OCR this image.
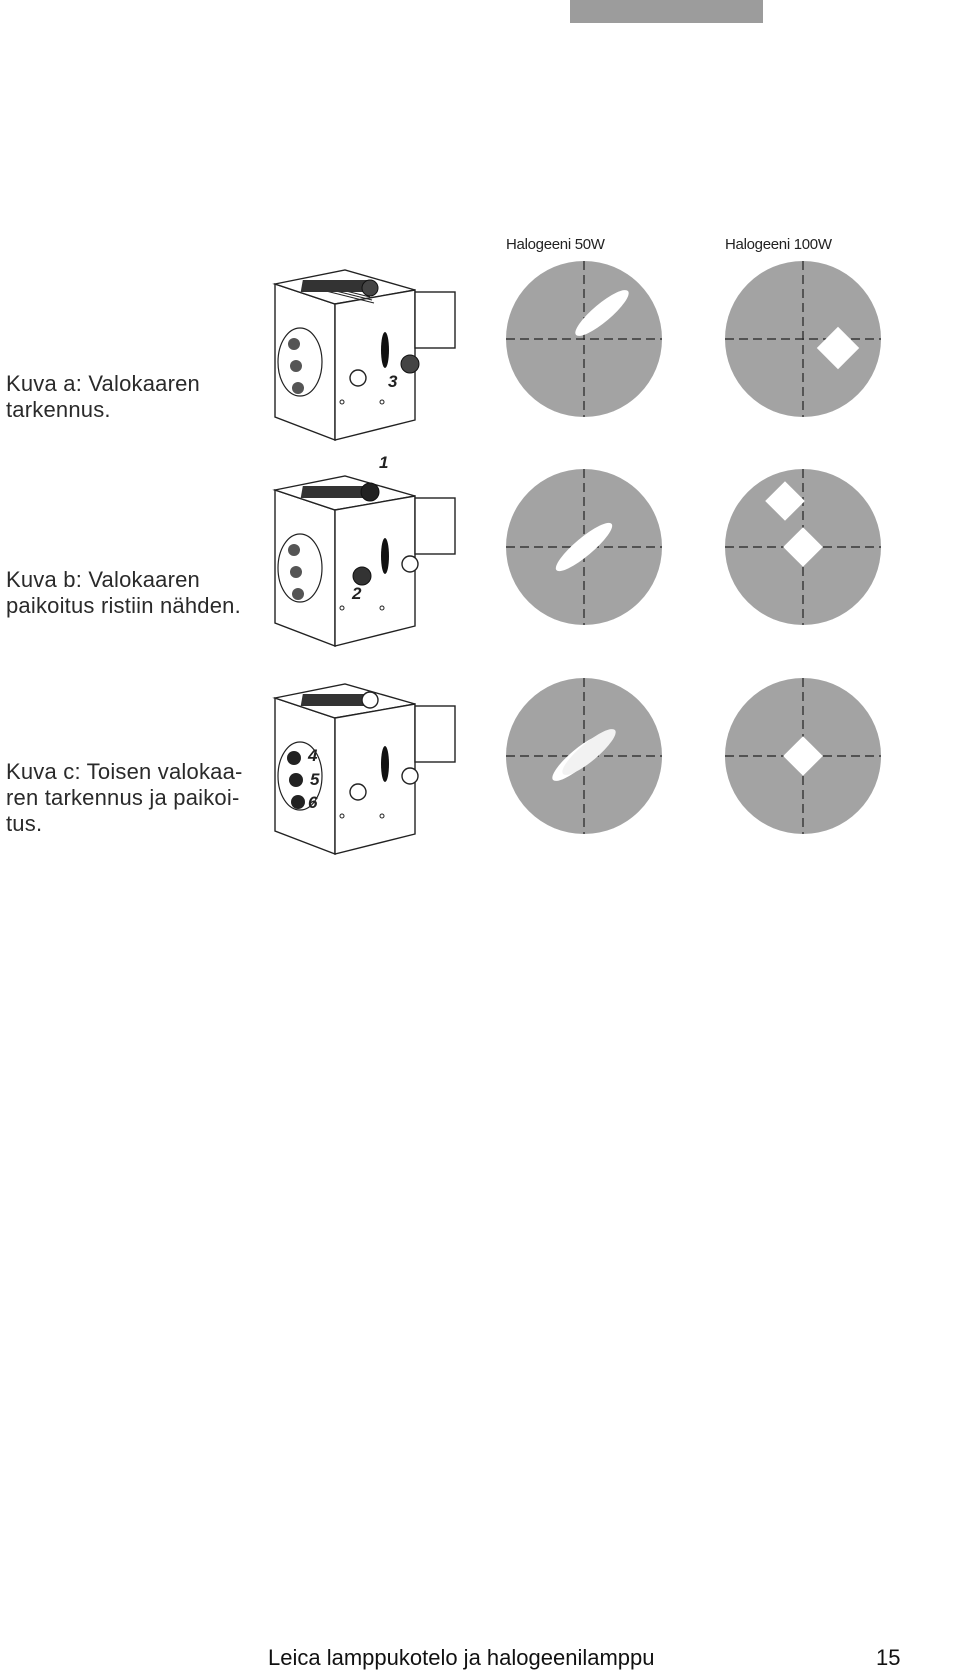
Halogeeni 50W	Halogeeni 100W
Kuva a: Valokaaren
tarkennus.
3
Kuva b: Valokaaren
paikoitus ristiin nähden.
1
2
Kuva c: Toisen valokaa-
ren tarkennus ja paikoi-
tus.
4
5
6
Leica lamppukotelo ja halogeenilamppu	15
